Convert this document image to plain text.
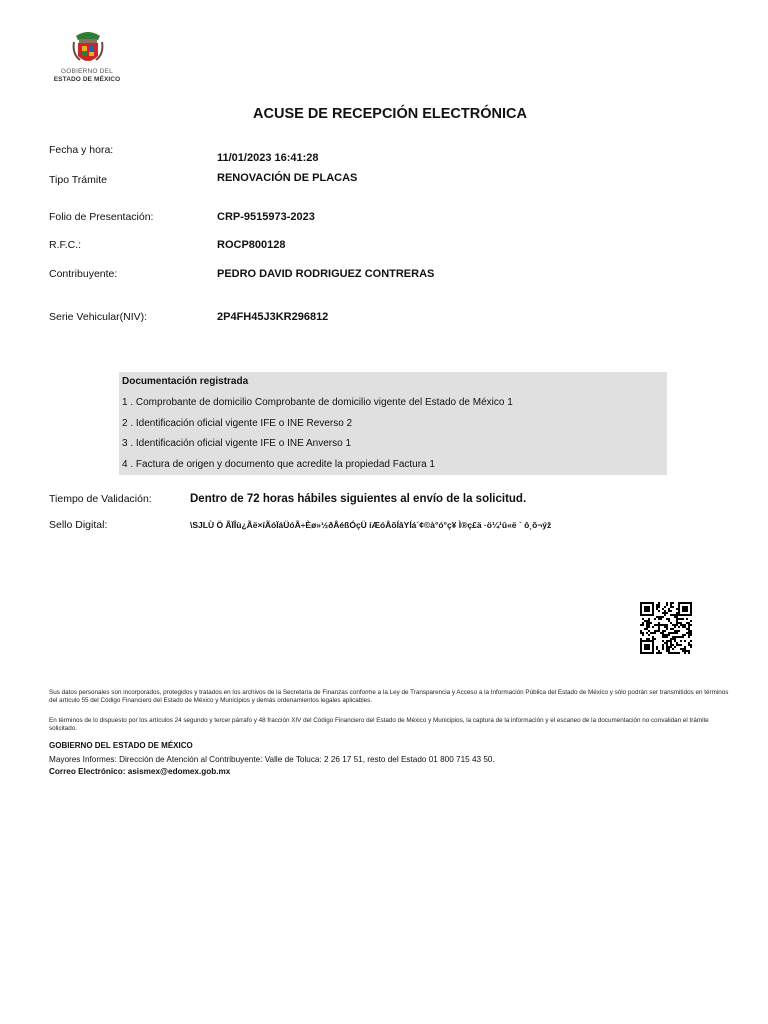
GOBIERNO DEL
ESTADO DE MÉXICO
ACUSE DE RECEPCIÓN ELECTRÓNICA
Fecha y hora:
11/01/2023 16:41:28
Tipo Trámite	RENOVACIÓN DE PLACAS
Folio de Presentación:	CRP-9515973-2023
R.F.C.:	ROCP800128
Contribuyente:	PEDRO DAVID RODRIGUEZ CONTRERAS
Serie Vehicular(NIV):	2P4FH45J3KR296812
Documentación registrada
1 . Comprobante de domicilio Comprobante de domicilio vigente del Estado de México 1
2 . Identificación oficial vigente IFE o INE Reverso 2
3 . Identificación oficial vigente IFE o INE Anverso 1
4 . Factura de origen y documento que acredite la propiedad Factura 1
Tiempo de Validación:	Dentro de 72 horas hábiles siguientes al envío de la solicitud.
Sello Digital:	\SJLÙ Ö ÃÏÎù¿Ãë×íÃóÏáÜóÃ÷Èø»½ðÂéßÓçÜ íÆóÅõÍâYÍá´¢©à°ó°ç¥ Ì®ç£ä ·ö¼¹û«ë ` ô¸õ¬ýž
Sus datos personales son incorporados, protegidos y tratados en los archivos de la Secretaría de Finanzas conforme a la Ley de Transparencia y Acceso a la Información Pública del Estado de México y sólo podrán ser transmitidos en términos del artículo 55 del Código Financiero del Estado de México y Municipios y demás ordenamientos legales aplicables.
En términos de lo dispuesto por los artículos 24 segundo y tercer párrafo y 48 fracción XIV del Código Financiero del Estado de México y Municipios, la captura de la información y el escaneo de la documentación no convalidan el trámite solicitado.
GOBIERNO DEL ESTADO DE MÉXICO
Mayores Informes: Dirección de Atención al Contribuyente: Valle de Toluca: 2 26 17 51, resto del Estado 01 800 715 43 50.
Correo Electrónico: asismex@edomex.gob.mx
